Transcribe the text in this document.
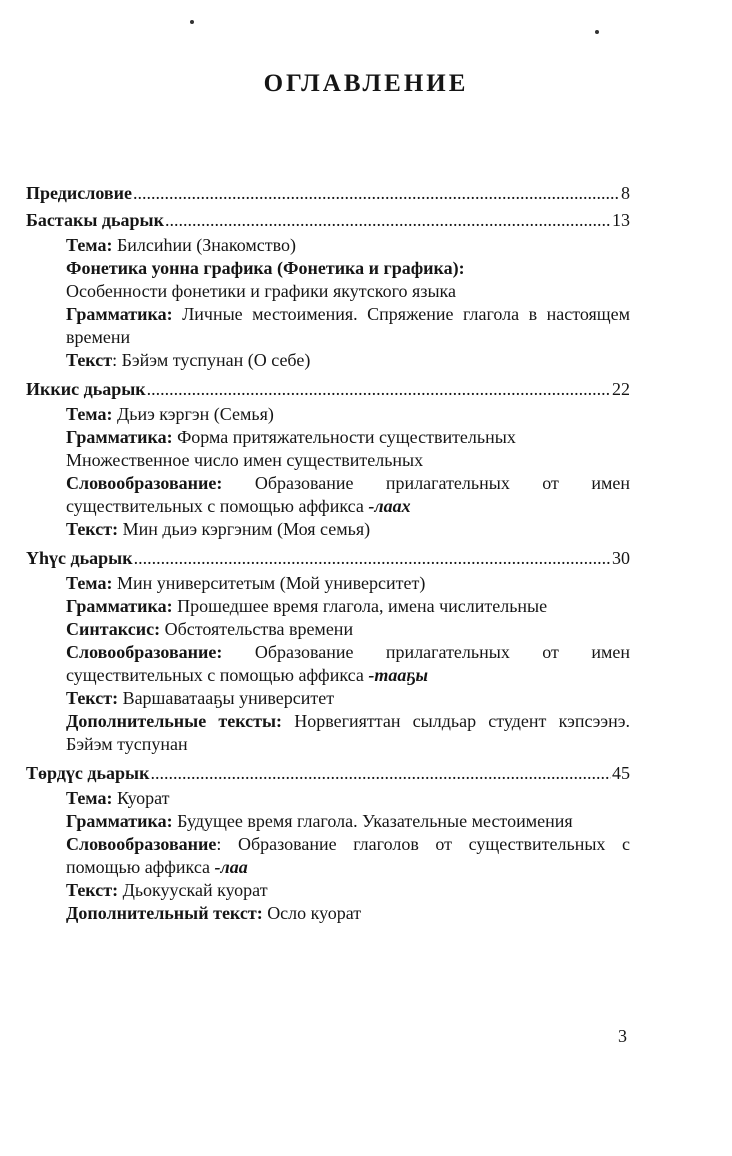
ОГЛАВЛЕНИЕ
Предисловие .....	8
Бастакы дьарык .....	13

Тема: Билсиһии (Знакомство)

Фонетика уонна графика (Фонетика и графика):

Особенности фонетики и графики якутского языка

Грамматика: Личные местоимения. Спряжение глагола в настоящем времени

Текст: Бэйэм туспунан (О себе)

Иккис дьарык .....	22

Тема: Дьиэ кэргэн (Семья)

Грамматика: Форма притяжательности существительных

Множественное число имен существительных

Словообразование: Образование прилагательных от имен существительных с помощью аффикса -лаах

Текст: Мин дьиэ кэргэним (Моя семья)

Үһүс дьарык .....	30

Тема: Мин университетым (Мой университет)

Грамматика: Прошедшее время глагола, имена числительные

Синтаксис: Обстоятельства времени

Словообразование: Образование прилагательных от имен существительных с помощью аффикса -тааҕы

Текст: Варшаватааҕы университет

Дополнительные тексты: Норвегияттан сылдьар студент кэпсээнэ. Бэйэм туспунан

Төрдүс дьарык .....	45

Тема: Куорат

Грамматика: Будущее время глагола. Указательные местоимения

Словообразование: Образование глаголов от существительных с помощью аффикса -лаа

Текст: Дьокуускай куорат

Дополнительный текст: Осло куорат

3
